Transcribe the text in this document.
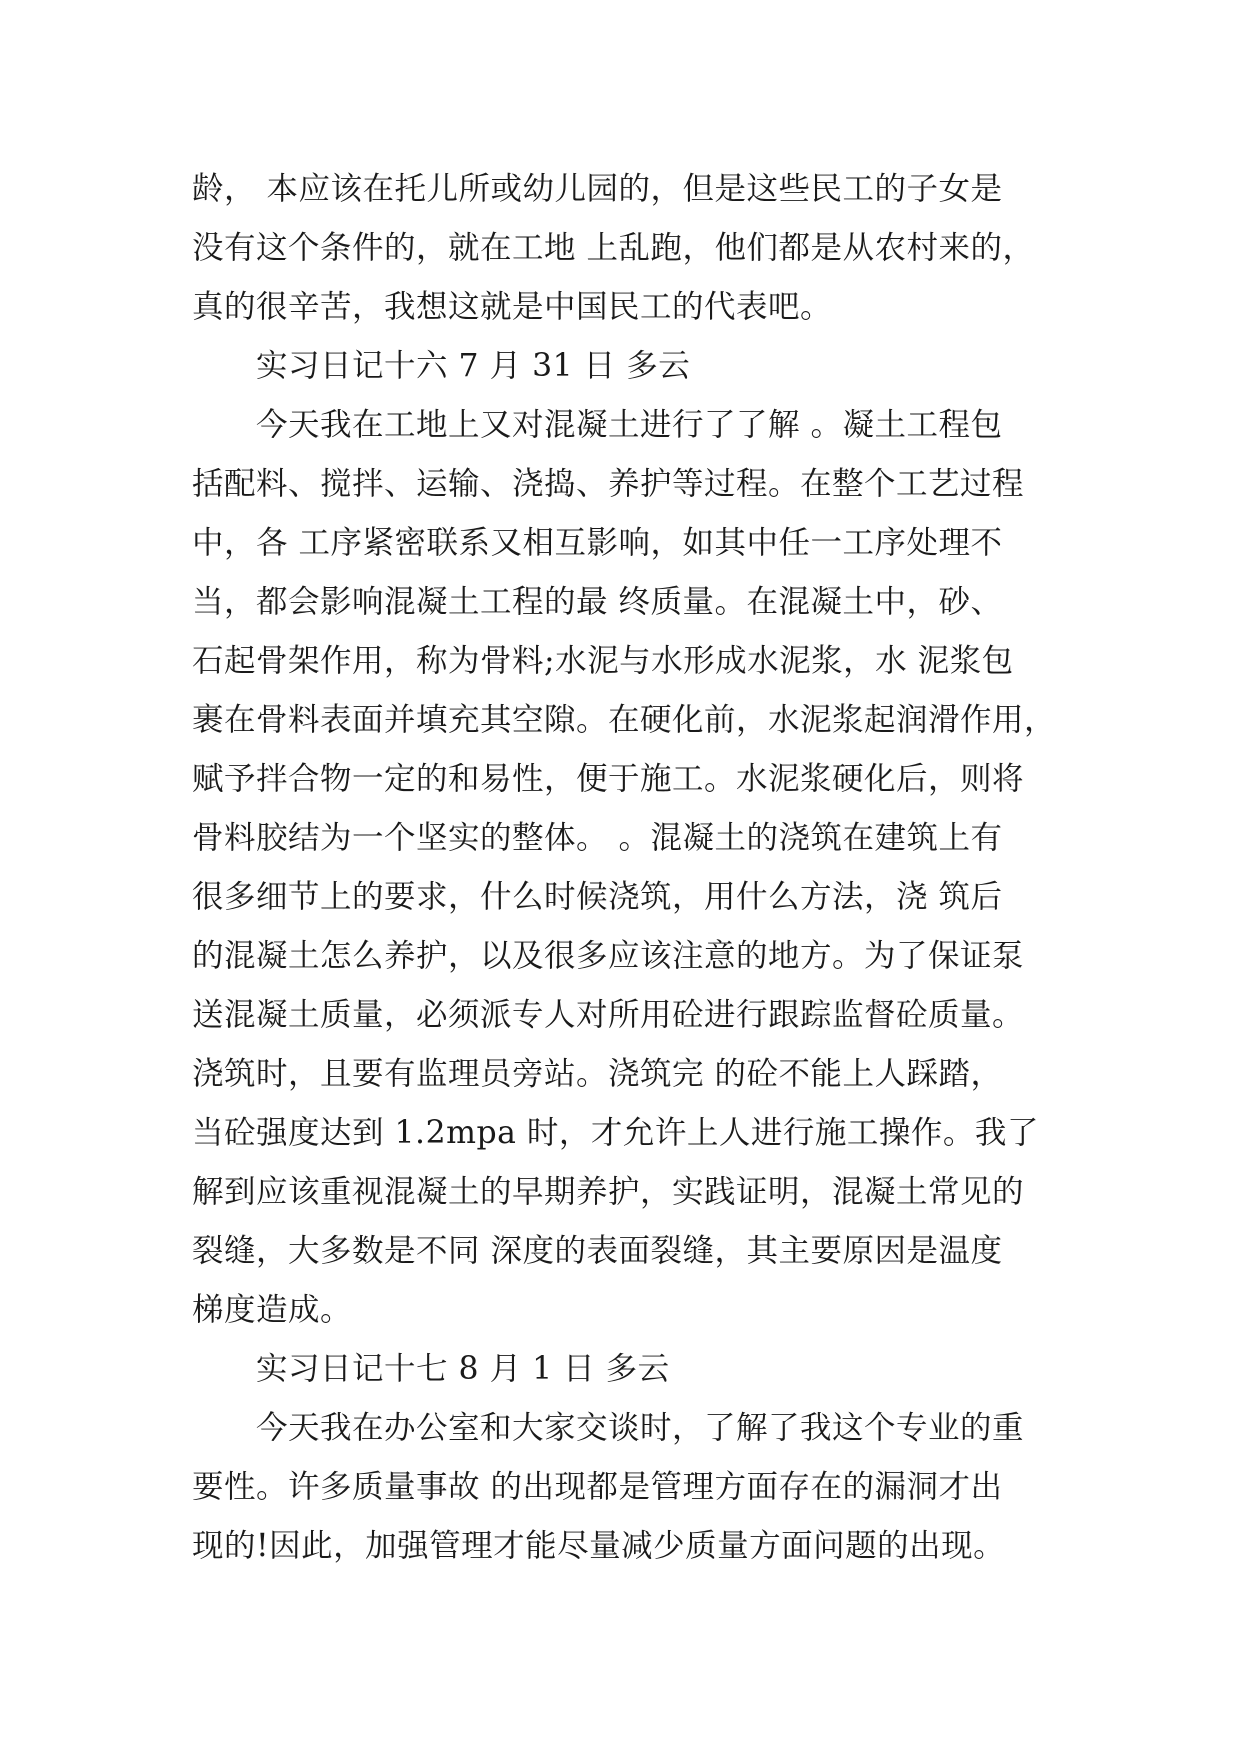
龄， 本应该在托儿所或幼儿园的，但是这些民工的子女是
没有这个条件的，就在工地 上乱跑，他们都是从农村来的，
真的很辛苦，我想这就是中国民工的代表吧。
实习日记十六 7 月 31 日 多云
今天我在工地上又对混凝土进行了了解 。凝土工程包
括配料、搅拌、运输、浇捣、养护等过程。在整个工艺过程
中，各 工序紧密联系又相互影响，如其中任一工序处理不
当，都会影响混凝土工程的最 终质量。在混凝土中，砂、
石起骨架作用，称为骨料;水泥与水形成水泥浆，水 泥浆包
裹在骨料表面并填充其空隙。在硬化前，水泥浆起润滑作用，
赋予拌合物一定的和易性，便于施工。水泥浆硬化后，则将
骨料胶结为一个坚实的整体。 。混凝土的浇筑在建筑上有
很多细节上的要求，什么时候浇筑，用什么方法，浇 筑后
的混凝土怎么养护，以及很多应该注意的地方。为了保证泵
送混凝土质量，必须派专人对所用砼进行跟踪监督砼质量。
浇筑时，且要有监理员旁站。浇筑完 的砼不能上人踩踏，
当砼强度达到 1.2mpa 时，才允许上人进行施工操作。我了
解到应该重视混凝土的早期养护，实践证明，混凝土常见的
裂缝，大多数是不同 深度的表面裂缝，其主要原因是温度
梯度造成。
实习日记十七 8 月 1 日 多云
今天我在办公室和大家交谈时，了解了我这个专业的重
要性。许多质量事故 的出现都是管理方面存在的漏洞才出
现的!因此，加强管理才能尽量减少质量方面问题的出现。
